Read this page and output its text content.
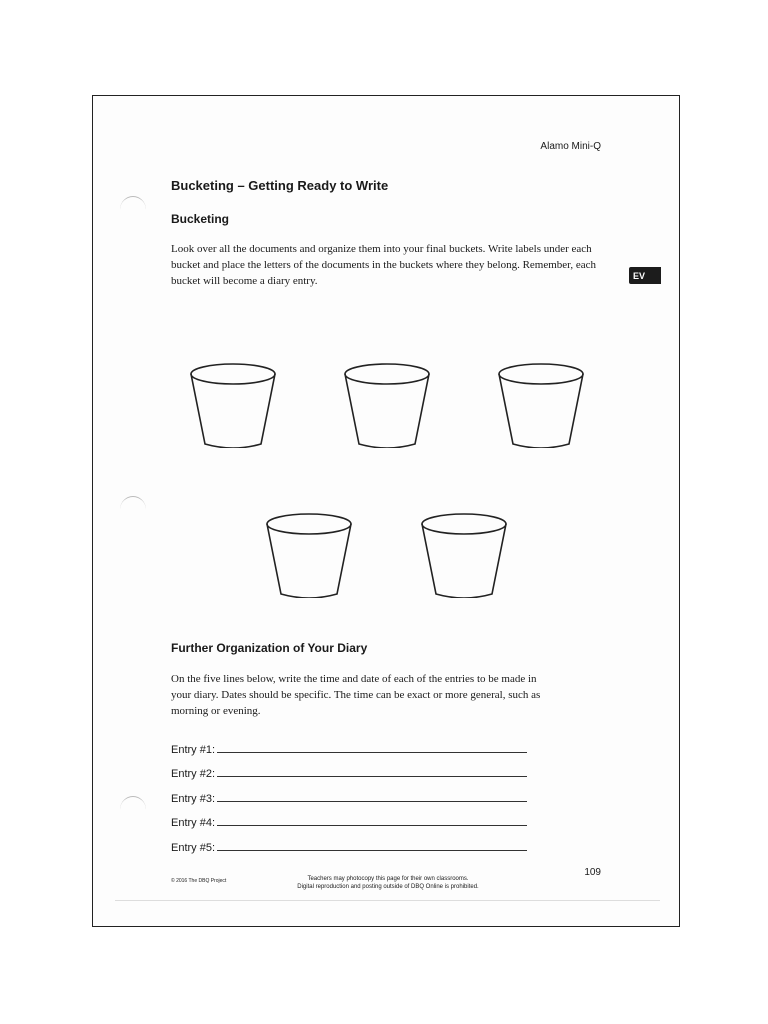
Alamo Mini-Q
EV
Bucketing – Getting Ready to Write
Bucketing
Look over all the documents and organize them into your final buckets. Write labels under each bucket and place the letters of the documents in the buckets where they belong. Remember, each bucket will become a diary entry.
Further Organization of Your Diary
On the five lines below, write the time and date of each of the entries to be made in your diary. Dates should be specific. The time can be exact or more general, such as morning or evening.
Entry #1:
Entry #2:
Entry #3:
Entry #4:
Entry #5:
© 2016 The DBQ Project	Teachers may photocopy this page for their own classrooms.
Digital reproduction and posting outside of DBQ Online is prohibited.
109
